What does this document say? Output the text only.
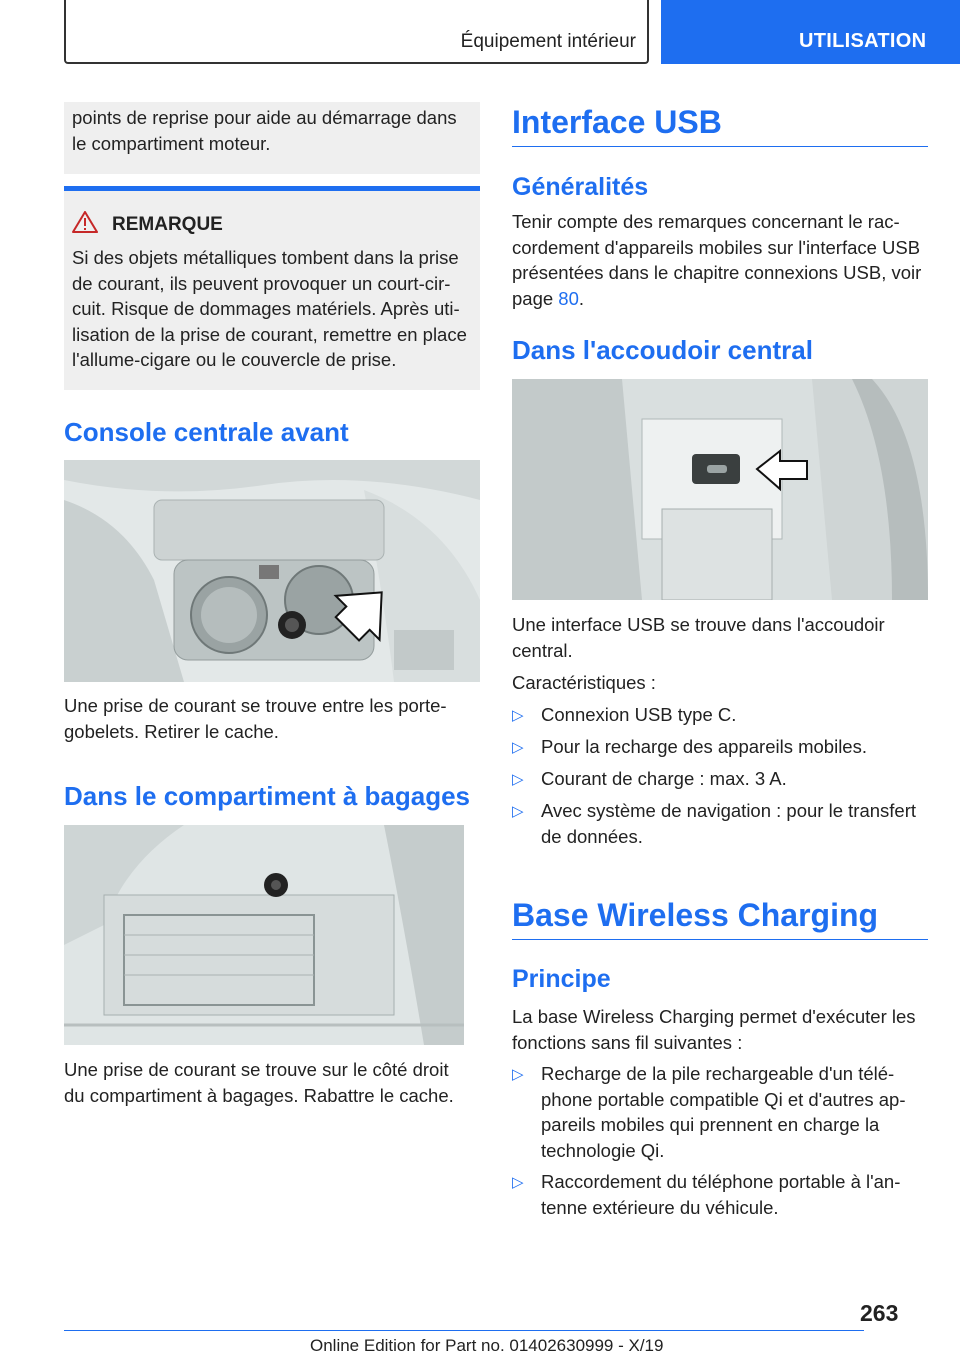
Équipement intérieur	UTILISATION
points de reprise pour aide au démarrage dans le compartiment moteur.
REMARQUE
Si des objets métalliques tombent dans la prise de courant, ils peuvent provoquer un court-cir-cuit. Risque de dommages matériels. Après uti-lisation de la prise de courant, remettre en place l'allume-cigare ou le couvercle de prise.
Console centrale avant
Une prise de courant se trouve entre les porte-gobelets. Retirer le cache.
Dans le compartiment à bagages
Une prise de courant se trouve sur le côté droit du compartiment à bagages. Rabattre le cache.
Interface USB
Généralités
Tenir compte des remarques concernant le rac-cordement d'appareils mobiles sur l'interface USB présentées dans le chapitre connexions USB, voir page 80.
Dans l'accoudoir central
Une interface USB se trouve dans l'accoudoir central.
Caractéristiques :
▷ Connexion USB type C.
▷ Pour la recharge des appareils mobiles.
▷ Courant de charge : max. 3 A.
▷ Avec système de navigation : pour le transfert de données.
Base Wireless Charging
Principe
La base Wireless Charging permet d'exécuter les fonctions sans fil suivantes :
▷ Recharge de la pile rechargeable d'un télé-phone portable compatible Qi et d'autres ap-pareils mobiles qui prennent en charge la technologie Qi.
▷ Raccordement du téléphone portable à l'an-tenne extérieure du véhicule.
263
Online Edition for Part no. 01402630999 - X/19
